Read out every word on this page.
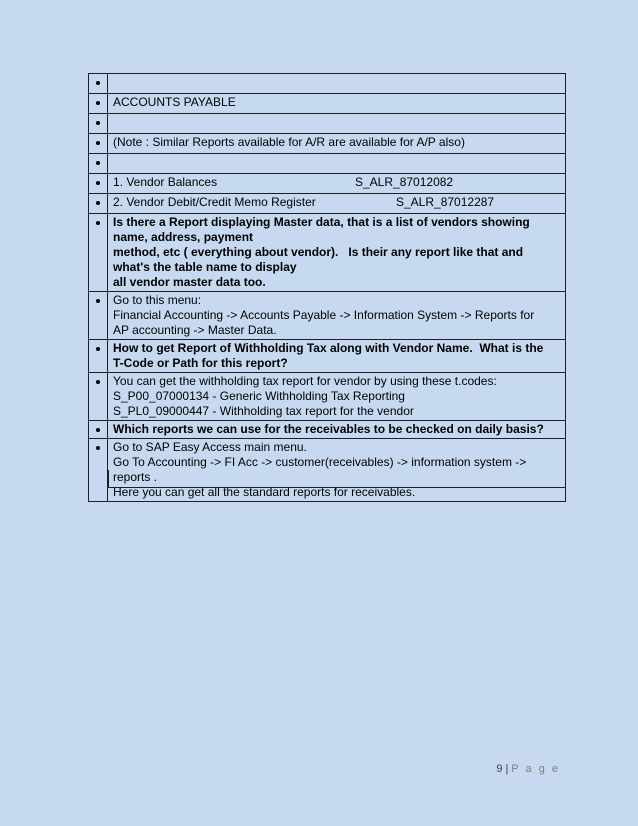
	ACCOUNTS PAYABLE

	(Note : Similar Reports available for A/R are available for A/P also)

	1. Vendor Balances S_ALR_87012082
	2. Vendor Debit/Credit Memo Register S_ALR_87012287

	Is there a Report displaying Master data, that is a list of vendors showing
name, address, payment
method, etc ( everything about vendor).   Is their any report like that and
what's the table name to display
all vendor master data too.

	Go to this menu:
Financial Accounting -> Accounts Payable -> Information System -> Reports for
AP accounting -> Master Data.

	How to get Report of Withholding Tax along with Vendor Name.  What is the
T-Code or Path for this report?

	You can get the withholding tax report for vendor by using these t.codes:
S_P00_07000134 - Generic Withholding Tax Reporting
S_PL0_09000447 - Withholding tax report for the vendor

	Which reports we can use for the receivables to be checked on daily basis?

	Go to SAP Easy Access main menu.
Go To Accounting -> FI Acc -> customer(receivables) -> information system ->
reports .
Here you can get all the standard reports for receivables.
9 | P a g e
